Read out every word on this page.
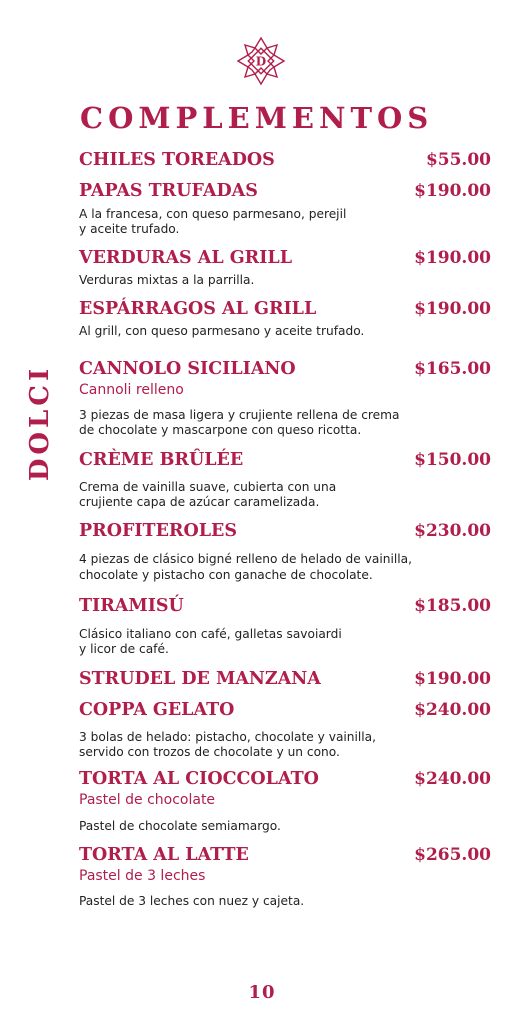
D
COMPLEMENTOS
DOLCI
CHILES TOREADOS	$55.00
PAPAS TRUFADAS	$190.00
A la francesa, con queso parmesano, perejil
y aceite trufado.
VERDURAS AL GRILL	$190.00
Verduras mixtas a la parrilla.
ESPÁRRAGOS AL GRILL	$190.00
Al grill, con queso parmesano y aceite trufado.
CANNOLO SICILIANO	$165.00
Cannoli relleno
3 piezas de masa ligera y crujiente rellena de crema
de chocolate y mascarpone con queso ricotta.
CRÈME BRÛLÉE	$150.00
Crema de vainilla suave, cubierta con una
crujiente capa de azúcar caramelizada.
PROFITEROLES	$230.00
4 piezas de clásico bigné relleno de helado de vainilla,
chocolate y pistacho con ganache de chocolate.
TIRAMISÚ	$185.00
Clásico italiano con café, galletas savoiardi
y licor de café.
STRUDEL DE MANZANA	$190.00
COPPA GELATO	$240.00
3 bolas de helado: pistacho, chocolate y vainilla,
servido con trozos de chocolate y un cono.
TORTA AL CIOCCOLATO	$240.00
Pastel de chocolate
Pastel de chocolate semiamargo.
TORTA AL LATTE	$265.00
Pastel de 3 leches
Pastel de 3 leches con nuez y cajeta.
10
